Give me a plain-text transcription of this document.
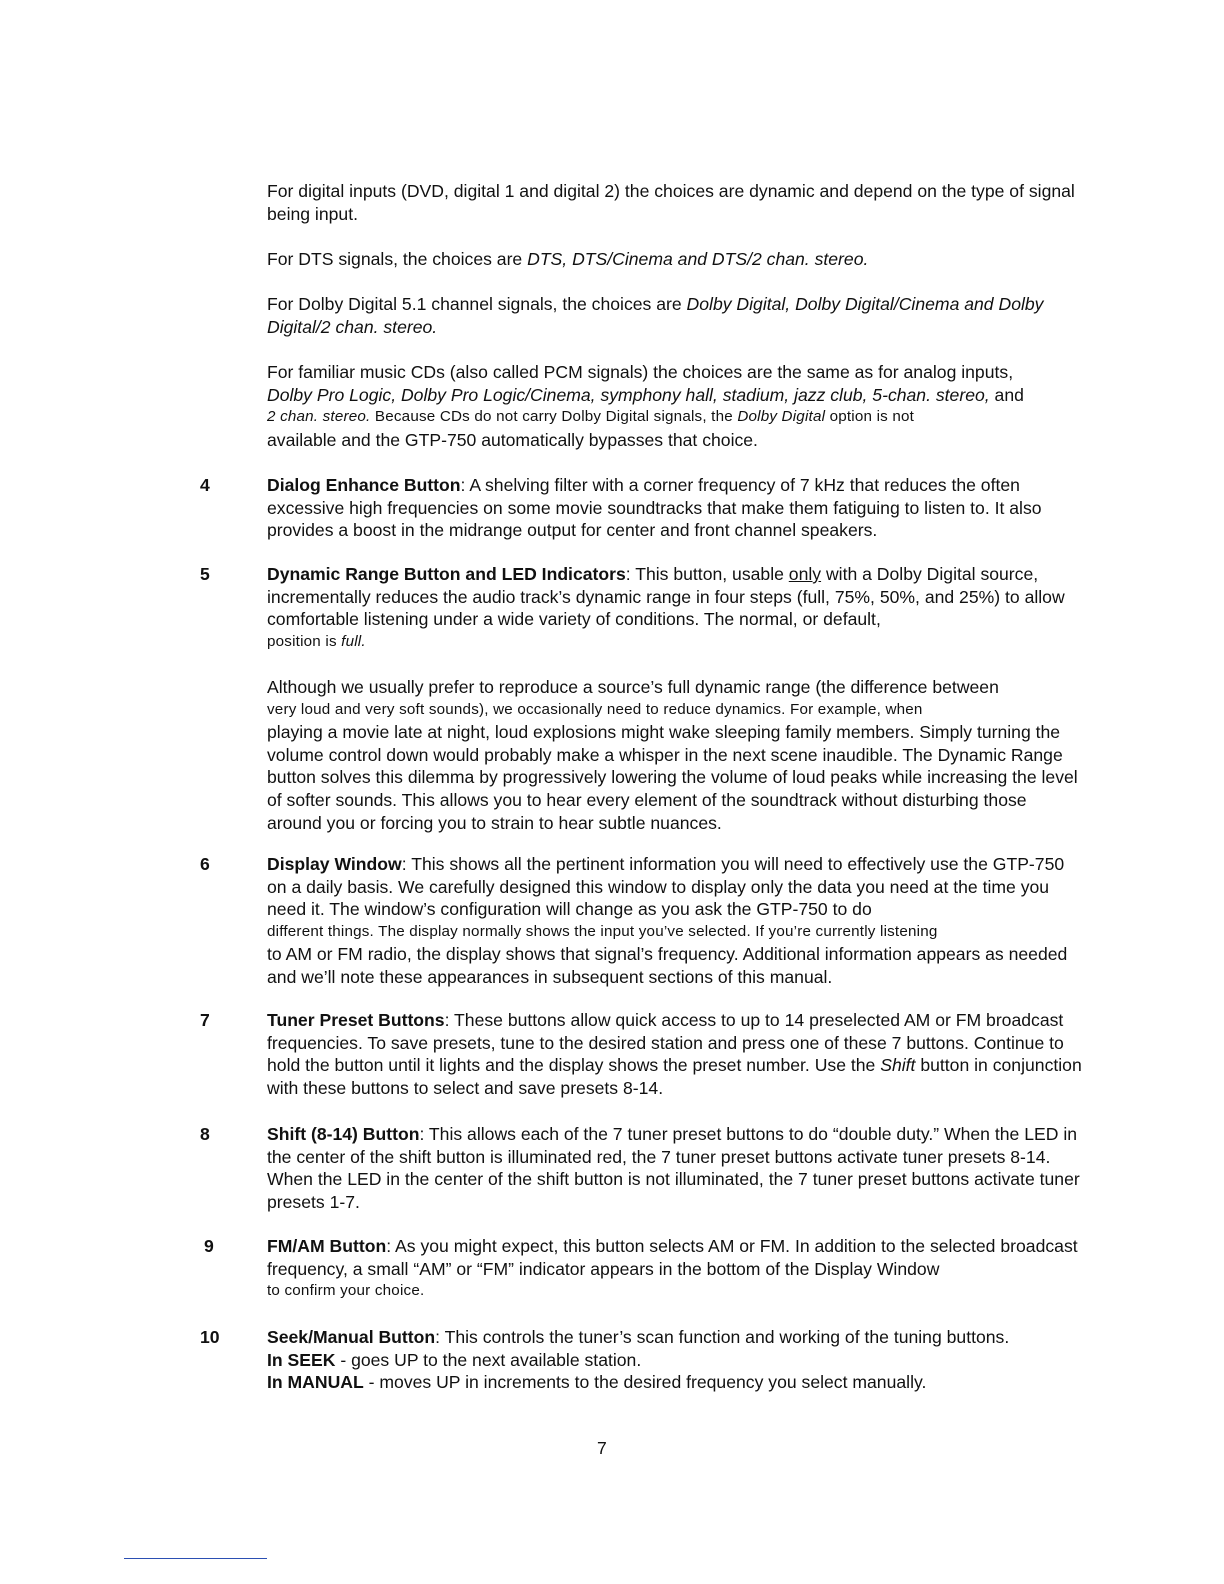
For digital inputs (DVD, digital 1 and digital 2) the choices are dynamic and depend on the type of signal being input.

For DTS signals, the choices are DTS, DTS/Cinema and DTS/2 chan. stereo.

For Dolby Digital 5.1 channel signals, the choices are Dolby Digital, Dolby Digital/Cinema and Dolby Digital/2 chan. stereo.

For familiar music CDs (also called PCM signals) the choices are the same as for analog inputs,

Dolby Pro Logic, Dolby Pro Logic/Cinema, symphony hall, stadium, jazz club, 5-chan. stereo, and

2 chan. stereo. Because CDs do not carry Dolby Digital signals, the Dolby Digital option is not

available and the GTP-750 automatically bypasses that choice.

4	Dialog Enhance Button: A shelving filter with a corner frequency of 7 kHz that reduces the often excessive high frequencies on some movie soundtracks that make them fatiguing to listen to. It also provides a boost in the midrange output for center and front channel speakers.

5	Dynamic Range Button and LED Indicators: This button, usable only with a Dolby Digital source, incrementally reduces the audio track’s dynamic range in four steps (full, 75%, 50%, and 25%) to allow comfortable listening under a wide variety of conditions. The normal, or default,

position is full.

Although we usually prefer to reproduce a source’s full dynamic range (the difference between

very loud and very soft sounds), we occasionally need to reduce dynamics. For example, when

playing a movie late at night, loud explosions might wake sleeping family members. Simply turning the volume control down would probably make a whisper in the next scene inaudible. The Dynamic Range button solves this dilemma by progressively lowering the volume of loud peaks while increasing the level of softer sounds. This allows you to hear every element of the soundtrack without disturbing those around you or forcing you to strain to hear subtle nuances.

6	Display Window: This shows all the pertinent information you will need to effectively use the GTP-750 on a daily basis. We carefully designed this window to display only the data you need at the time you need it. The window’s configuration will change as you ask the GTP-750 to do

different things. The display normally shows the input you’ve selected. If you’re currently listening

to AM or FM radio, the display shows that signal’s frequency. Additional information appears as needed and we’ll note these appearances in subsequent sections of this manual.

7	Tuner Preset Buttons: These buttons allow quick access to up to 14 preselected AM or FM broadcast frequencies. To save presets, tune to the desired station and press one of these 7 buttons. Continue to hold the button until it lights and the display shows the preset number. Use the Shift button in conjunction with these buttons to select and save presets 8-14.

8	Shift (8-14) Button: This allows each of the 7 tuner preset buttons to do “double duty.” When the LED in the center of the shift button is illuminated red, the 7 tuner preset buttons activate tuner presets 8-14. When the LED in the center of the shift button is not illuminated, the 7 tuner preset buttons activate tuner presets 1-7.

9	FM/AM Button: As you might expect, this button selects AM or FM. In addition to the selected broadcast frequency, a small “AM” or “FM” indicator appears in the bottom of the Display Window

to confirm your choice.

10	Seek/Manual Button: This controls the tuner’s scan function and working of the tuning buttons.

In SEEK - goes UP to the next available station.

In MANUAL - moves UP in increments to the desired frequency you select manually.

7
